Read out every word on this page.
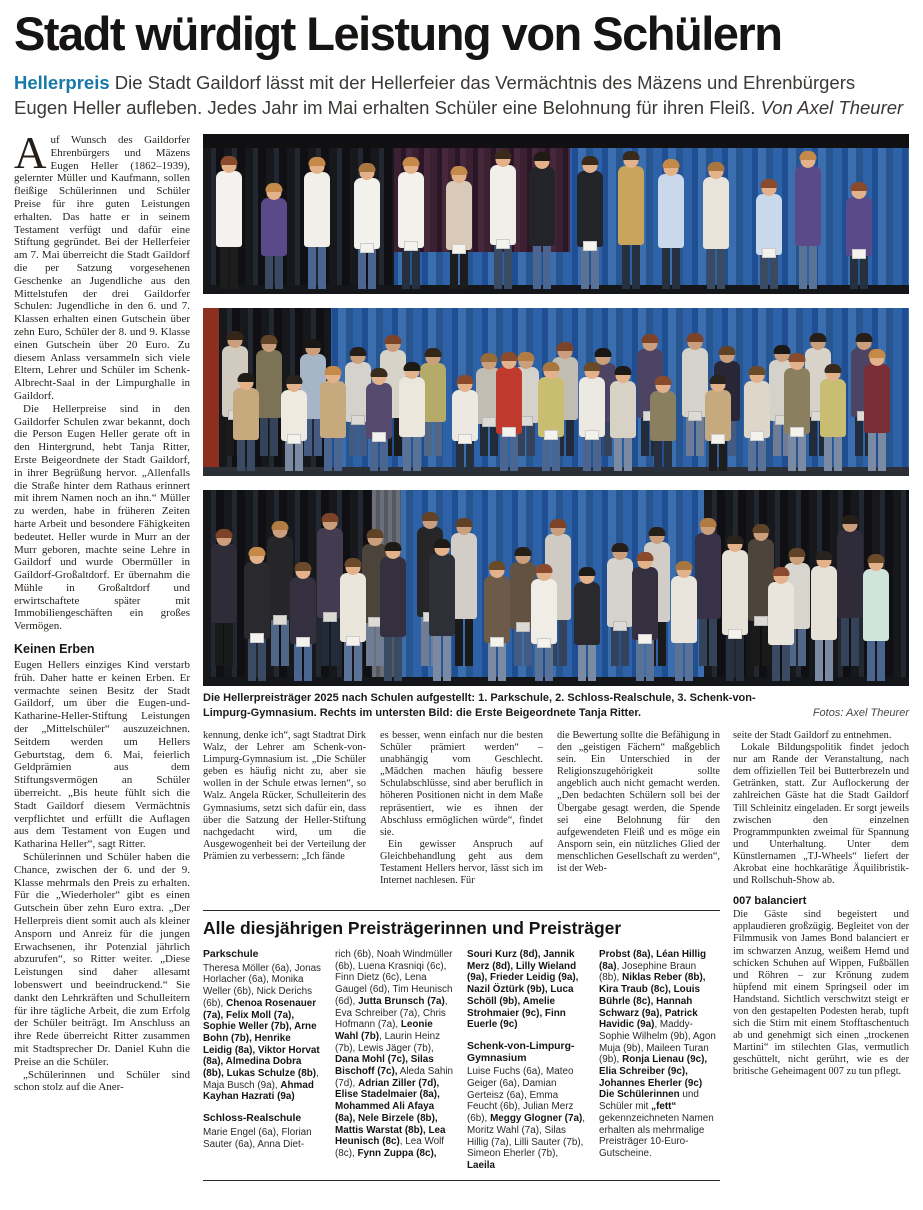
Stadt würdigt Leistung von Schülern

Hellerpreis Die Stadt Gaildorf lässt mit der Hellerfeier das Vermächtnis des Mäzens und Ehrenbürgers Eugen Heller aufleben. Jedes Jahr im Mai erhalten Schüler eine Belohnung für ihren Fleiß. Von Axel Theurer

Auf Wunsch des Gaildorfer Ehrenbürgers und Mäzens Eugen Heller (1862–1939), gelernter Müller und Kaufmann, sollen fleißige Schülerinnen und Schüler Preise für ihre guten Leistungen erhalten. Das hatte er in seinem Testament verfügt und dafür eine Stiftung gegründet. Bei der Hellerfeier am 7. Mai überreicht die Stadt Gaildorf die per Satzung vorgesehenen Geschenke an Jugendliche aus den Mittelstufen der drei Gaildorfer Schulen: Jugendliche in den 6. und 7. Klassen erhalten einen Gutschein über zehn Euro, Schüler der 8. und 9. Klasse einen Gutschein über 20 Euro. Zu diesem Anlass versammeln sich viele Eltern, Lehrer und Schüler im Schenk-Albrecht-Saal in der Limpurghalle in Gaildorf.

Die Hellerpreise sind in den Gaildorfer Schulen zwar bekannt, doch die Person Eugen Heller gerate oft in den Hintergrund, hebt Tanja Ritter, Erste Beigeordnete der Stadt Gaildorf, in ihrer Begrüßung hervor. „Allenfalls die Straße hinter dem Rathaus erinnert mit ihrem Namen noch an ihn.“ Müller zu werden, habe in früheren Zeiten harte Arbeit und besondere Fähigkeiten bedeutet. Heller wurde in Murr an der Murr geboren, machte seine Lehre in Gaildorf und wurde Obermüller in Gaildorf-Großaltdorf. Er übernahm die Mühle in Großaltdorf und erwirtschaftete später mit Immobiliengeschäften ein großes Vermögen.

Keinen Erben

Eugen Hellers einziges Kind verstarb früh. Daher hatte er keinen Erben. Er vermachte seinen Besitz der Stadt Gaildorf, um über die Eugen-und-Katharine-Heller-Stiftung Leistungen der „Mittelschüler“ auszuzeichnen. Seitdem werden um Hellers Geburtstag, dem 6. Mai, feierlich Geldprämien aus dem Stiftungsvermögen an Schüler überreicht. „Bis heute fühlt sich die Stadt Gaildorf diesem Vermächtnis verpflichtet und erfüllt die Auflagen aus dem Testament von Eugen und Katharina Heller“, sagt Ritter.

Schülerinnen und Schüler haben die Chance, zwischen der 6. und der 9. Klasse mehrmals den Preis zu erhalten. Für die „Wiederholer“ gibt es einen Gutschein über zehn Euro extra. „Der Hellerpreis dient somit auch als kleiner Ansporn und Anreiz für die jungen Erwachsenen, ihr Potenzial jährlich abzurufen“, so Ritter weiter. „Diese Leistungen sind daher allesamt lobenswert und beeindruckend.“ Sie dankt den Lehrkräften und Schulleitern für ihre tägliche Arbeit, die zum Erfolg der Schüler beiträgt. Im Anschluss an ihre Rede überreicht Ritter zusammen mit Stadtsprecher Dr. Daniel Kuhn die Preise an die Schüler.

„Schülerinnen und Schüler sind schon stolz auf die Aner-

Fotos: Axel Theurer
Die Hellerpreisträger 2025 nach Schulen aufgestellt: 1. Parkschule, 2. Schloss-Realschule, 3. Schenk-von-Limpurg-Gymnasium. Rechts im untersten Bild: die Erste Beigeordnete Tanja Ritter.

kennung, denke ich“, sagt Stadtrat Dirk Walz, der Lehrer am Schenk-von-Limpurg-Gymnasium ist. „Die Schüler geben es häufig nicht zu, aber sie wollen in der Schule etwas lernen“, so Walz. Angela Rücker, Schulleiterin des Gymnasiums, setzt sich dafür ein, dass über die Satzung der Heller-Stiftung nachgedacht wird, um die Ausgewogenheit bei der Verteilung der Prämien zu verbessern: „Ich fände

es besser, wenn einfach nur die besten Schüler prämiert werden“ – unabhängig vom Geschlecht. „Mädchen machen häufig bessere Schulabschlüsse, sind aber beruflich in höheren Positionen nicht in dem Maße repräsentiert, wie es ihnen der Abschluss ermöglichen würde“, findet sie.

Ein gewisser Anspruch auf Gleichbehandlung geht aus dem Testament Hellers hervor, lässt sich im Internet nachlesen. Für

die Bewertung sollte die Befähigung in den „geistigen Fächern“ maßgeblich sein. Ein Unterschied in der Religionszugehörigkeit sollte angeblich auch nicht gemacht werden. „Den bedachten Schülern soll bei der Übergabe gesagt werden, die Spende sei eine Belohnung für den aufgewendeten Fleiß und es möge ein Ansporn sein, ein nützliches Glied der menschlichen Gesellschaft zu werden“, ist der Web-

Alle diesjährigen Preisträgerinnen und Preisträger
Parkschule

Theresa Möller (6a), Jonas Horlacher (6a), Monika Weller (6b), Nick Derichs (6b), Chenoa Rosenauer (7a), Felix Moll (7a), Sophie Weller (7b), Arne Bohn (7b), Henrike Leidig (8a), Viktor Horvat (8a), Almedina Dobra (8b), Lukas Schulze (8b), Maja Busch (9a), Ahmad Kayhan Hazrati (9a)

Schloss-Realschule

Marie Engel (6a), Florian Sauter (6a), Anna Diet-

rich (6b), Noah Windmüller (6b), Luena Krasniqi (6c), Finn Dietz (6c), Lena Gaugel (6d), Tim Heunisch (6d), Jutta Brunsch (7a), Eva Schreiber (7a), Chris Hofmann (7a), Leonie Wahl (7b), Laurin Heinz (7b), Lewis Jäger (7b), Dana Mohl (7c), Silas Bischoff (7c), Aleda Sahin (7d), Adrian Ziller (7d), Elise Stadelmaier (8a), Mohammed Ali Afaya (8a), Nele Birzele (8b), Mattis Warstat (8b), Lea Heunisch (8c), Lea Wolf (8c), Fynn Zuppa (8c),

Souri Kurz (8d), Jannik Merz (8d), Lilly Wieland (9a), Frieder Leidig (9a), Nazil Öztürk (9b), Luca Schöll (9b), Amelie Strohmaier (9c), Finn Euerle (9c)

Schenk-von-Limpurg-Gymnasium

Luise Fuchs (6a), Mateo Geiger (6a), Damian Gerteisz (6a), Emma Feucht (6b), Julian Merz (6b), Meggy Glogner (7a), Moritz Wahl (7a), Silas Hillig (7a), Lilli Sauter (7b), Simeon Eherler (7b), Laeila

Probst (8a), Léan Hillig (8a), Josephine Braun (8b), Niklas Reber (8b), Kira Traub (8c), Louis Bührle (8c), Hannah Schwarz (9a), Patrick Havidic (9a), Maddy-Sophie Wilhelm (9b), Agon Muja (9b), Maileen Turan (9b), Ronja Lienau (9c), Elia Schreiber (9c), Johannes Eherler (9c)

Die Schülerinnen und Schüler mit „fett“ gekennzeichneten Namen erhalten als mehrmalige Preisträger 10-Euro-Gutscheine.

seite der Stadt Gaildorf zu entnehmen.

Lokale Bildungspolitik findet jedoch nur am Rande der Veranstaltung, nach dem offiziellen Teil bei Butterbrezeln und Getränken, statt. Zur Auflockerung der zahlreichen Gäste hat die Stadt Gaildorf Till Schleinitz eingeladen. Er sorgt jeweils zwischen den einzelnen Programmpunkten zweimal für Spannung und Unterhaltung. Unter dem Künstlernamen „TJ-Wheels“ liefert der Akrobat eine hochkarätige Äquilibristik- und Rollschuh-Show ab.

007 balanciert

Die Gäste sind begeistert und applaudieren großzügig. Begleitet von der Filmmusik von James Bond balanciert er im schwarzen Anzug, weißem Hemd und schicken Schuhen auf Wippen, Fußbällen und Röhren – zur Krönung zudem hüpfend mit einem Springseil oder im Handstand. Sichtlich verschwitzt steigt er von den gestapelten Podesten herab, tupft sich die Stirn mit einem Stofftaschentuch ab und genehmigt sich einen „trockenen Martini“ im stilechten Glas, vermutlich geschüttelt, nicht gerührt, wie es der britische Geheimagent 007 zu tun pflegt.
